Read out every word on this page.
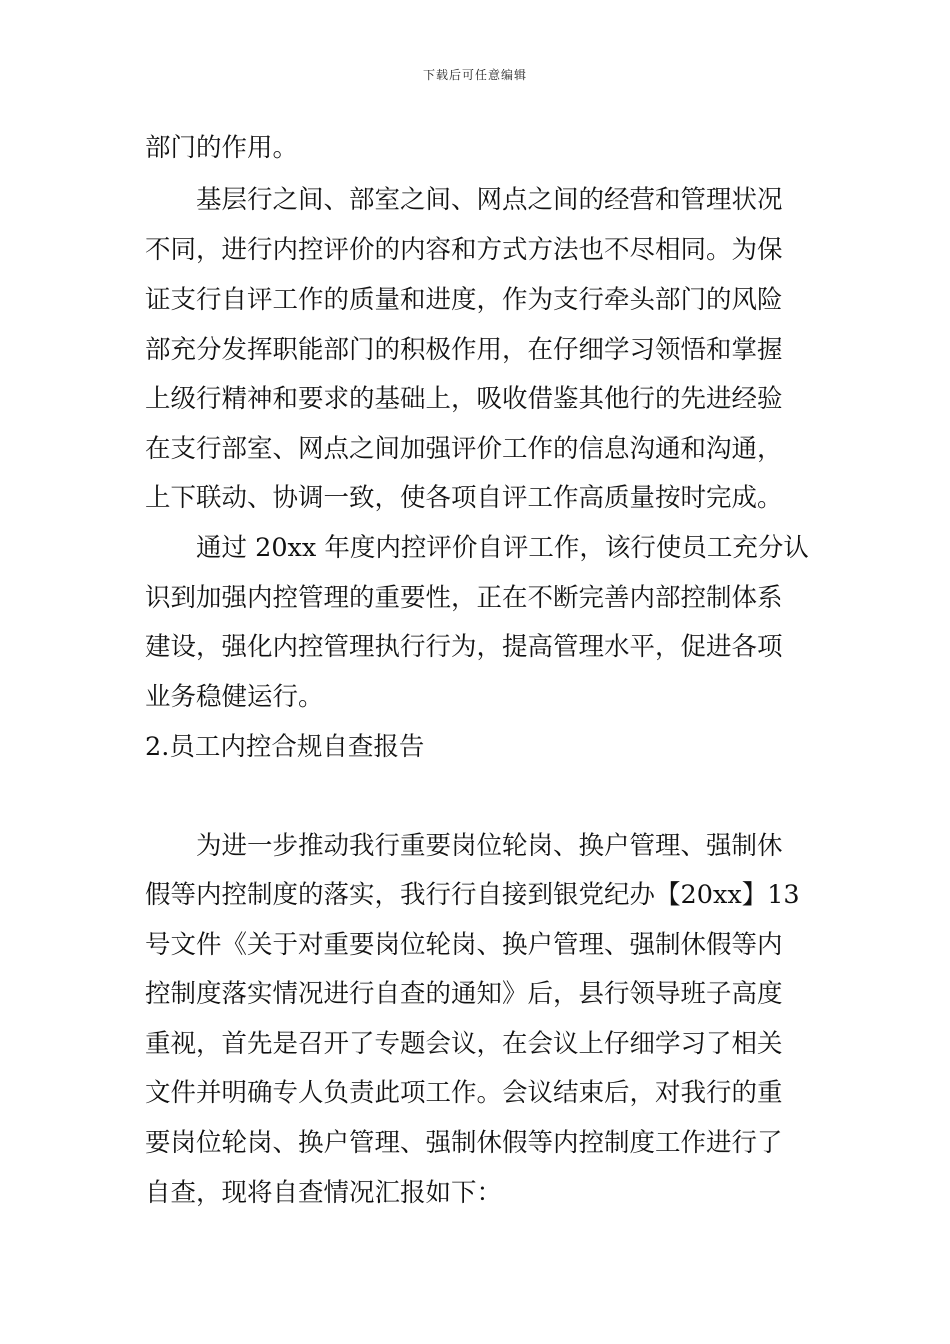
下载后可任意编辑
部门的作用。
基层行之间、部室之间、网点之间的经营和管理状况
不同，进行内控评价的内容和方式方法也不尽相同。为保
证支行自评工作的质量和进度，作为支行牵头部门的风险
部充分发挥职能部门的积极作用，在仔细学习领悟和掌握
上级行精神和要求的基础上，吸收借鉴其他行的先进经验
在支行部室、网点之间加强评价工作的信息沟通和沟通，
上下联动、协调一致，使各项自评工作高质量按时完成。
通过 20xx 年度内控评价自评工作，该行使员工充分认
识到加强内控管理的重要性，正在不断完善内部控制体系
建设，强化内控管理执行行为，提高管理水平，促进各项
业务稳健运行。
2.员工内控合规自查报告
为进一步推动我行重要岗位轮岗、换户管理、强制休
假等内控制度的落实，我行行自接到银党纪办【20xx】13
号文件《关于对重要岗位轮岗、换户管理、强制休假等内
控制度落实情况进行自查的通知》后，县行领导班子高度
重视，首先是召开了专题会议，在会议上仔细学习了相关
文件并明确专人负责此项工作。会议结束后，对我行的重
要岗位轮岗、换户管理、强制休假等内控制度工作进行了
自查，现将自查情况汇报如下：
